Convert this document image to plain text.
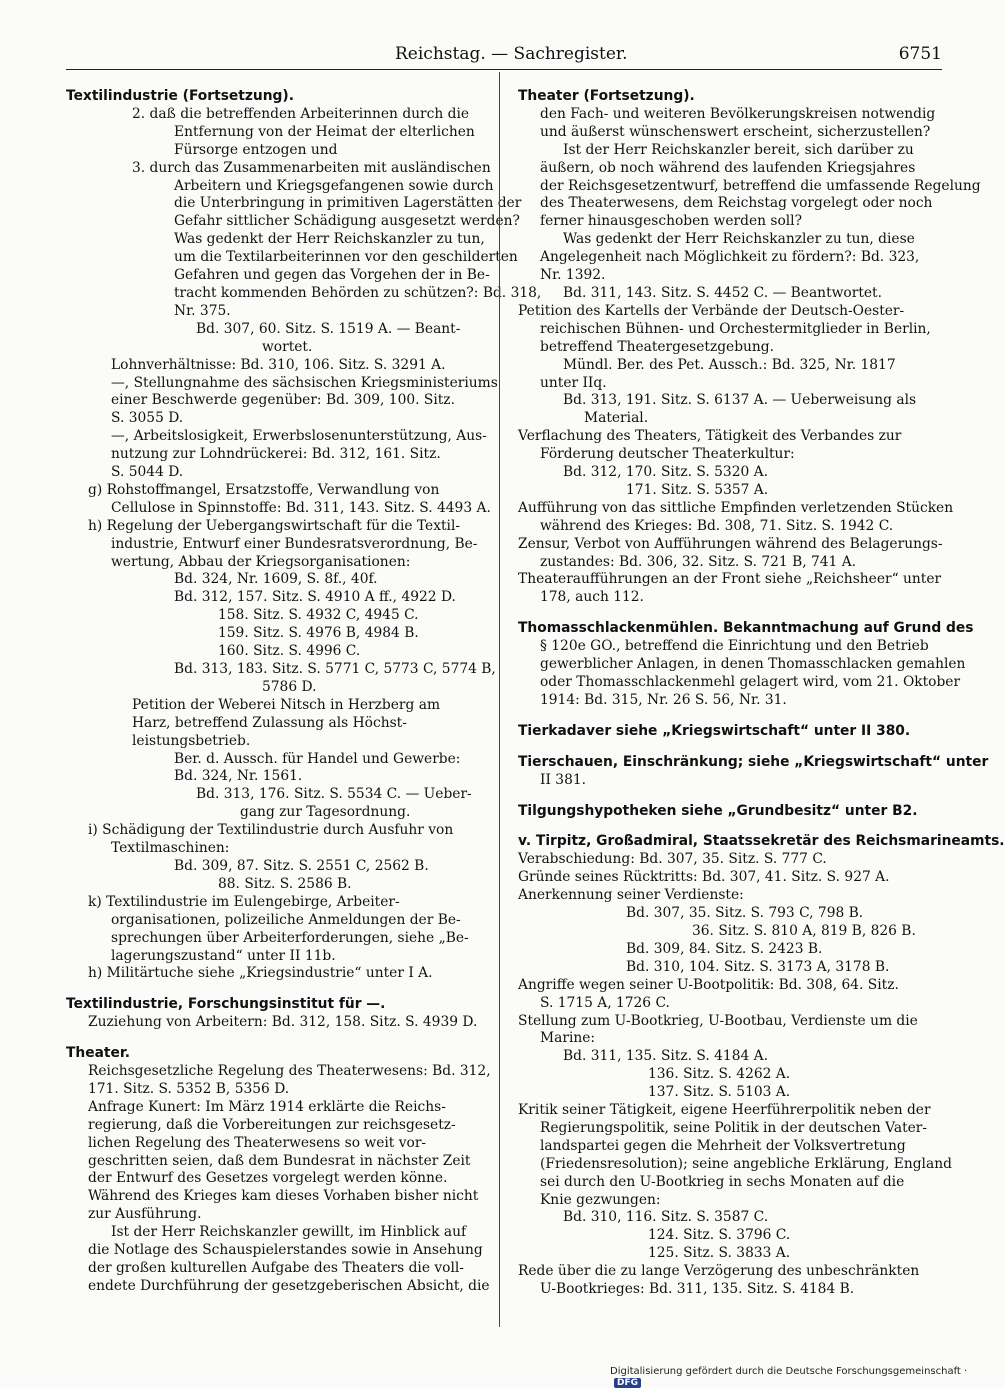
Reichstag. — Sachregister.	6751
Textilindustrie (Fortsetzung).
2. daß die betreffenden Arbeiterinnen durch die
Entfernung von der Heimat der elterlichen
Fürsorge entzogen und
3. durch das Zusammenarbeiten mit ausländischen
Arbeitern und Kriegsgefangenen sowie durch
die Unterbringung in primitiven Lagerstätten der
Gefahr sittlicher Schädigung ausgesetzt werden?
Was gedenkt der Herr Reichskanzler zu tun,
um die Textilarbeiterinnen vor den geschilderten
Gefahren und gegen das Vorgehen der in Be-
tracht kommenden Behörden zu schützen?: Bd. 318,
Nr. 375.
Bd. 307, 60. Sitz. S. 1519 A. — Beant-
wortet.
Lohnverhältnisse: Bd. 310, 106. Sitz. S. 3291 A.
—, Stellungnahme des sächsischen Kriegsministeriums
einer Beschwerde gegenüber: Bd. 309, 100. Sitz.
S. 3055 D.
—, Arbeitslosigkeit, Erwerbslosenunterstützung, Aus-
nutzung zur Lohndrückerei: Bd. 312, 161. Sitz.
S. 5044 D.
g) Rohstoffmangel, Ersatzstoffe, Verwandlung von
Cellulose in Spinnstoffe: Bd. 311, 143. Sitz. S. 4493 A.
h) Regelung der Uebergangswirtschaft für die Textil-
industrie, Entwurf einer Bundesratsverordnung, Be-
wertung, Abbau der Kriegsorganisationen:
Bd. 324, Nr. 1609, S. 8f., 40f.
Bd. 312, 157. Sitz. S. 4910 A ff., 4922 D.
158. Sitz. S. 4932 C, 4945 C.
159. Sitz. S. 4976 B, 4984 B.
160. Sitz. S. 4996 C.
Bd. 313, 183. Sitz. S. 5771 C, 5773 C, 5774 B,
5786 D.
Petition der Weberei Nitsch in Herzberg am
Harz, betreffend Zulassung als Höchst-
leistungsbetrieb.
Ber. d. Aussch. für Handel und Gewerbe:
Bd. 324, Nr. 1561.
Bd. 313, 176. Sitz. S. 5534 C. — Ueber-
gang zur Tagesordnung.
i) Schädigung der Textilindustrie durch Ausfuhr von
Textilmaschinen:
Bd. 309, 87. Sitz. S. 2551 C, 2562 B.
88. Sitz. S. 2586 B.
k) Textilindustrie im Eulengebirge, Arbeiter-
organisationen, polizeiliche Anmeldungen der Be-
sprechungen über Arbeiterforderungen, siehe „Be-
lagerungszustand“ unter II 11b.
h) Militärtuche siehe „Kriegsindustrie“ unter I A.
Textilindustrie, Forschungsinstitut für —.
Zuziehung von Arbeitern: Bd. 312, 158. Sitz. S. 4939 D.
Theater.
Reichsgesetzliche Regelung des Theaterwesens: Bd. 312,
171. Sitz. S. 5352 B, 5356 D.
Anfrage Kunert: Im März 1914 erklärte die Reichs-
regierung, daß die Vorbereitungen zur reichsgesetz-
lichen Regelung des Theaterwesens so weit vor-
geschritten seien, daß dem Bundesrat in nächster Zeit
der Entwurf des Gesetzes vorgelegt werden könne.
Während des Krieges kam dieses Vorhaben bisher nicht
zur Ausführung.
Ist der Herr Reichskanzler gewillt, im Hinblick auf
die Notlage des Schauspielerstandes sowie in Ansehung
der großen kulturellen Aufgabe des Theaters die voll-
endete Durchführung der gesetzgeberischen Absicht, die
Theater (Fortsetzung).
den Fach- und weiteren Bevölkerungskreisen notwendig
und äußerst wünschenswert erscheint, sicherzustellen?
Ist der Herr Reichskanzler bereit, sich darüber zu
äußern, ob noch während des laufenden Kriegsjahres
der Reichsgesetzentwurf, betreffend die umfassende Regelung
des Theaterwesens, dem Reichstag vorgelegt oder noch
ferner hinausgeschoben werden soll?
Was gedenkt der Herr Reichskanzler zu tun, diese
Angelegenheit nach Möglichkeit zu fördern?: Bd. 323,
Nr. 1392.
Bd. 311, 143. Sitz. S. 4452 C. — Beantwortet.
Petition des Kartells der Verbände der Deutsch-Oester-
reichischen Bühnen- und Orchestermitglieder in Berlin,
betreffend Theatergesetzgebung.
Mündl. Ber. des Pet. Aussch.: Bd. 325, Nr. 1817
unter IIq.
Bd. 313, 191. Sitz. S. 6137 A. — Ueberweisung als
Material.
Verflachung des Theaters, Tätigkeit des Verbandes zur
Förderung deutscher Theaterkultur:
Bd. 312, 170. Sitz. S. 5320 A.
171. Sitz. S. 5357 A.
Aufführung von das sittliche Empfinden verletzenden Stücken
während des Krieges: Bd. 308, 71. Sitz. S. 1942 C.
Zensur, Verbot von Aufführungen während des Belagerungs-
zustandes: Bd. 306, 32. Sitz. S. 721 B, 741 A.
Theateraufführungen an der Front siehe „Reichsheer“ unter
178, auch 112.
Thomasschlackenmühlen. Bekanntmachung auf Grund des
§ 120e GO., betreffend die Einrichtung und den Betrieb
gewerblicher Anlagen, in denen Thomasschlacken gemahlen
oder Thomasschlackenmehl gelagert wird, vom 21. Oktober
1914: Bd. 315, Nr. 26 S. 56, Nr. 31.
Tierkadaver siehe „Kriegswirtschaft“ unter II 380.
Tierschauen, Einschränkung; siehe „Kriegswirtschaft“ unter
II 381.
Tilgungshypotheken siehe „Grundbesitz“ unter B2.
v. Tirpitz, Großadmiral, Staatssekretär des Reichsmarineamts.
Verabschiedung: Bd. 307, 35. Sitz. S. 777 C.
Gründe seines Rücktritts: Bd. 307, 41. Sitz. S. 927 A.
Anerkennung seiner Verdienste:
Bd. 307, 35. Sitz. S. 793 C, 798 B.
36. Sitz. S. 810 A, 819 B, 826 B.
Bd. 309, 84. Sitz. S. 2423 B.
Bd. 310, 104. Sitz. S. 3173 A, 3178 B.
Angriffe wegen seiner U-Bootpolitik: Bd. 308, 64. Sitz.
S. 1715 A, 1726 C.
Stellung zum U-Bootkrieg, U-Bootbau, Verdienste um die
Marine:
Bd. 311, 135. Sitz. S. 4184 A.
136. Sitz. S. 4262 A.
137. Sitz. S. 5103 A.
Kritik seiner Tätigkeit, eigene Heerführerpolitik neben der
Regierungspolitik, seine Politik in der deutschen Vater-
landspartei gegen die Mehrheit der Volksvertretung
(Friedensresolution); seine angebliche Erklärung, England
sei durch den U-Bootkrieg in sechs Monaten auf die
Knie gezwungen:
Bd. 310, 116. Sitz. S. 3587 C.
124. Sitz. S. 3796 C.
125. Sitz. S. 3833 A.
Rede über die zu lange Verzögerung des unbeschränkten
U-Bootkrieges: Bd. 311, 135. Sitz. S. 4184 B.
Digitalisierung gefördert durch die Deutsche Forschungsgemeinschaft · DFG
